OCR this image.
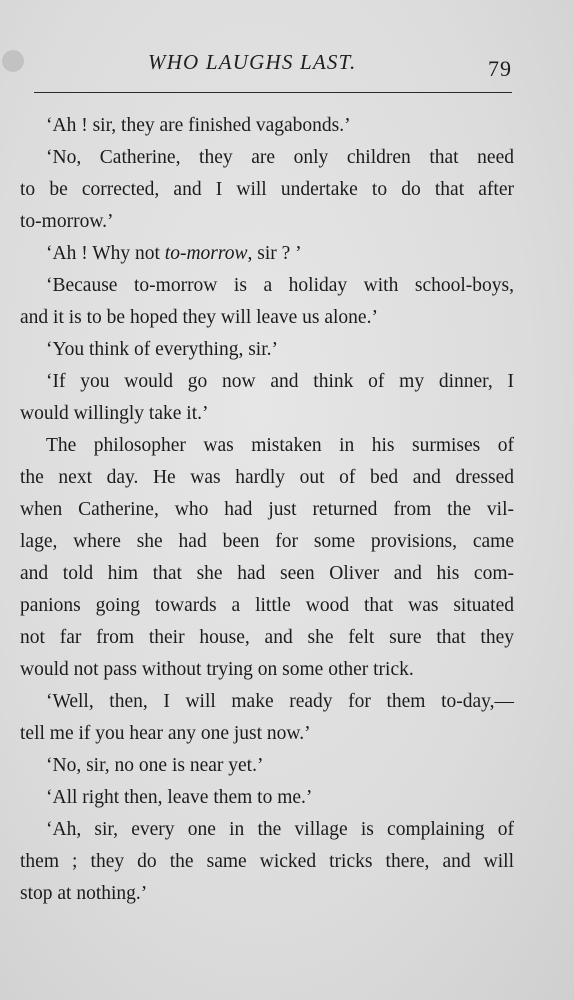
WHO LAUGHS LAST.	79
‘Ah ! sir, they are finished vagabonds.’
‘No, Catherine, they are only children that need
to be corrected, and I will undertake to do that after
to-morrow.’
‘Ah ! Why not to-morrow, sir ? ’
‘Because to-morrow is a holiday with school-boys,
and it is to be hoped they will leave us alone.’
‘You think of everything, sir.’
‘If you would go now and think of my dinner, I
would willingly take it.’
The philosopher was mistaken in his surmises of
the next day. He was hardly out of bed and dressed
when Catherine, who had just returned from the vil-
lage, where she had been for some provisions, came
and told him that she had seen Oliver and his com-
panions going towards a little wood that was situated
not far from their house, and she felt sure that they
would not pass without trying on some other trick.
‘Well, then, I will make ready for them to-day,—
tell me if you hear any one just now.’
‘No, sir, no one is near yet.’
‘All right then, leave them to me.’
‘Ah, sir, every one in the village is complaining of
them ; they do the same wicked tricks there, and will
stop at nothing.’
